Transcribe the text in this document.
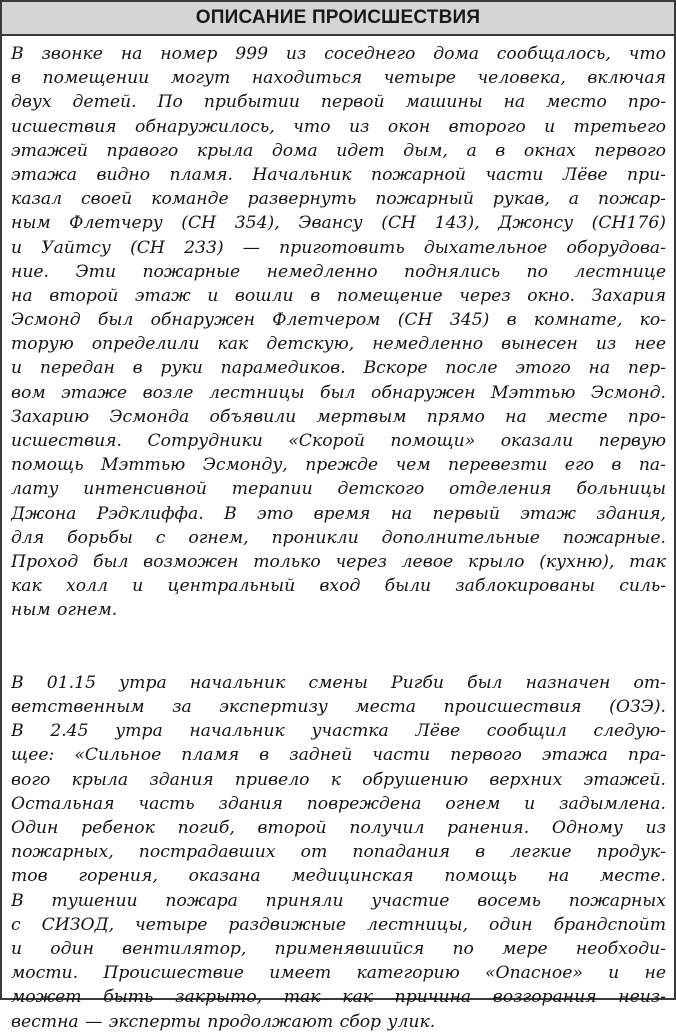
ОПИСАНИЕ ПРОИСШЕСТВИЯ
В звонке на номер 999 из соседнего дома сообщалось, что
в помещении могут находиться четыре человека, включая
двух детей. По прибытии первой машины на место про-
исшествия обнаружилось, что из окон второго и третьего
этажей правого крыла дома идет дым, а в окнах первого
этажа видно пламя. Начальник пожарной части Лёве при-
казал своей команде развернуть пожарный рукав, а пожар-
ным Флетчеру (СН 354), Эвансу (СН 143), Джонсу (СН176)
и Уайтсу (СН 233) — приготовить дыхательное оборудова-
ние. Эти пожарные немедленно поднялись по лестнице
на второй этаж и вошли в помещение через окно. Захария
Эсмонд был обнаружен Флетчером (СН 345) в комнате, ко-
торую определили как детскую, немедленно вынесен из нее
и передан в руки парамедиков. Вскоре после этого на пер-
вом этаже возле лестницы был обнаружен Мэттью Эсмонд.
Захарию Эсмонда объявили мертвым прямо на месте про-
исшествия. Сотрудники «Скорой помощи» оказали первую
помощь Мэттью Эсмонду, прежде чем перевезти его в па-
лату интенсивной терапии детского отделения больницы
Джона Рэдклиффа. В это время на первый этаж здания,
для борьбы с огнем, проникли дополнительные пожарные.
Проход был возможен только через левое крыло (кухню), так
как холл и центральный вход были заблокированы силь-
ным огнем.
В 01.15 утра начальник смены Ригби был назначен от-
ветственным за экспертизу места происшествия (ОЗЭ).
В 2.45 утра начальник участка Лёве сообщил следую-
щее: «Сильное пламя в задней части первого этажа пра-
вого крыла здания привело к обрушению верхних этажей.
Остальная часть здания повреждена огнем и задымлена.
Один ребенок погиб, второй получил ранения. Одному из
пожарных, пострадавших от попадания в легкие продук-
тов горения, оказана медицинская помощь на месте.
В тушении пожара приняли участие восемь пожарных
с СИЗОД, четыре раздвижные лестницы, один брандспойт
и один вентилятор, применявшийся по мере необходи-
мости. Происшествие имеет категорию «Опасное» и не
может быть закрыто, так как причина возгорания неиз-
вестна — эксперты продолжают сбор улик.
